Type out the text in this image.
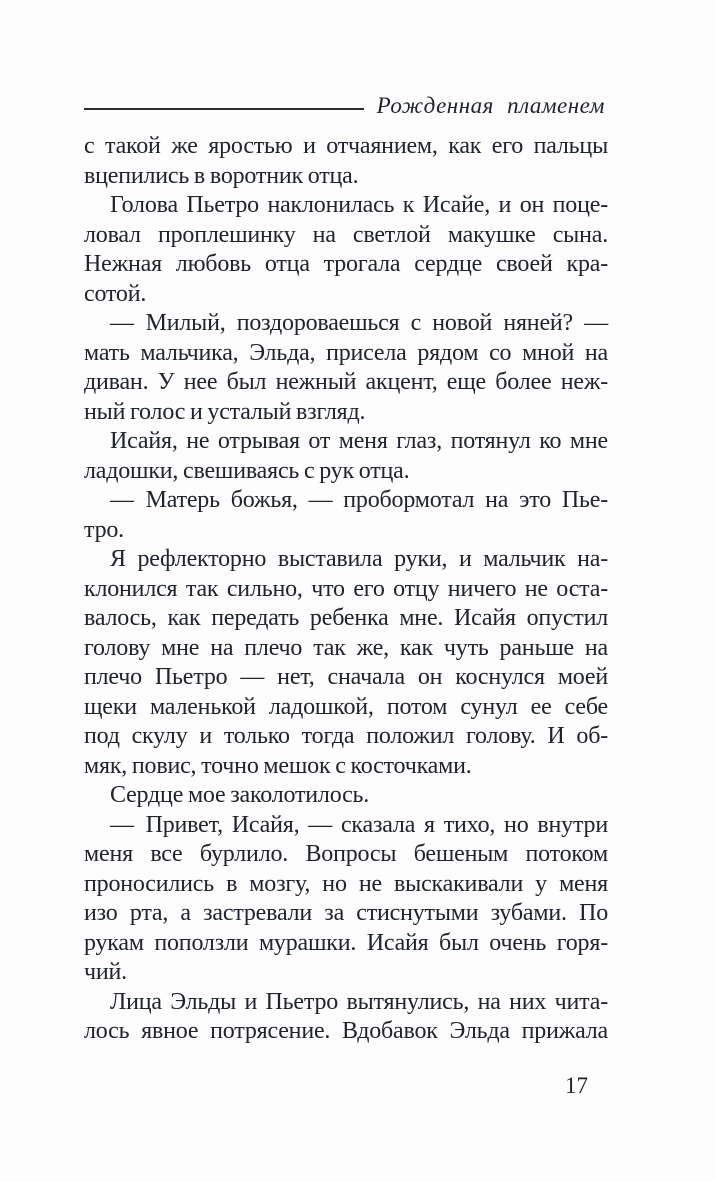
Рожденная пламенем
с такой же яростью и отчаянием, как его пальцы
вцепились в воротник отца.
Голова Пьетро наклонилась к Исайе, и он поце-
ловал проплешинку на светлой макушке сына.
Нежная любовь отца трогала сердце своей кра-
сотой.
— Милый, поздороваешься с новой няней? —
мать мальчика, Эльда, присела рядом со мной на
диван. У нее был нежный акцент, еще более неж-
ный голос и усталый взгляд.
Исайя, не отрывая от меня глаз, потянул ко мне
ладошки, свешиваясь с рук отца.
— Матерь божья, — пробормотал на это Пье-
тро.
Я рефлекторно выставила руки, и мальчик на-
клонился так сильно, что его отцу ничего не оста-
валось, как передать ребенка мне. Исайя опустил
голову мне на плечо так же, как чуть раньше на
плечо Пьетро — нет, сначала он коснулся моей
щеки маленькой ладошкой, потом сунул ее себе
под скулу и только тогда положил голову. И об-
мяк, повис, точно мешок с косточками.
Сердце мое заколотилось.
— Привет, Исайя, — сказала я тихо, но внутри
меня все бурлило. Вопросы бешеным потоком
проносились в мозгу, но не выскакивали у меня
изо рта, а застревали за стиснутыми зубами. По
рукам поползли мурашки. Исайя был очень горя-
чий.
Лица Эльды и Пьетро вытянулись, на них чита-
лось явное потрясение. Вдобавок Эльда прижала
17
